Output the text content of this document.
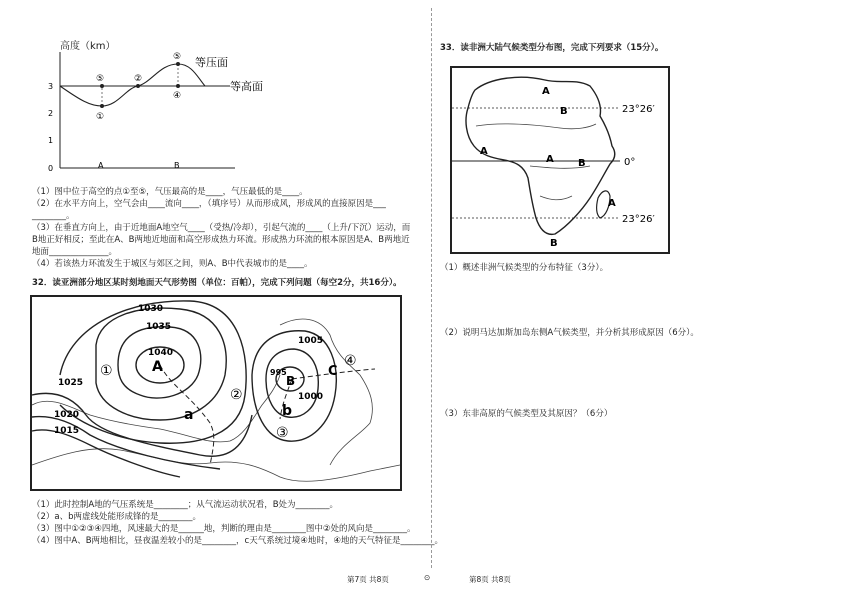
高度（km）
3
2
1
0
①
⑤	②
⑤
④
等压面
等高面
A	B
（1）图中位于高空的点①至⑤，气压最高的是____，气压最低的是____。
（2）在水平方向上，空气会由____流向____，（填序号）从而形成风，形成风的直接原因是___
________。
（3）在垂直方向上，由于近地面A地空气____（受热/冷却），引起气流的____（上升/下沉）运动，而
B地正好相反；至此在A、B两地近地面和高空形成热力环流。形成热力环流的根本原因是A、B两地近
地面______________。
（4）若该热力环流发生于城区与郊区之间，则A、B中代表城市的是____。
32．读亚洲部分地区某时刻地面天气形势图（单位：百帕），完成下列问题（每空2分，共16分）。
1030
1035
1040
1025
1020
1015
1005
995
1000
A
B
C
a	b
①
②
③
④
（1）此时控制A地的气压系统是________；从气流运动状况看，B处为________。
（2）a、b两虚线处能形成锋的是________。
（3）图中①②③④四地，风速最大的是______地，判断的理由是________图中②处的风向是________。
（4）图中A、B两地相比，昼夜温差较小的是________，c天气系统过境④地时，④地的天气特征是________。
33．读非洲大陆气候类型分布图，完成下列要求（15分）。
A
B
A
A B
A
B
23°26′
0°
23°26′
（1）概述非洲气候类型的分布特征（3分）。
（2）说明马达加斯加岛东侧A气候类型，并分析其形成原因（6分）。
（3）东非高原的气候类型及其原因？（6分）
第7页 共8页	⊙	第8页 共8页
